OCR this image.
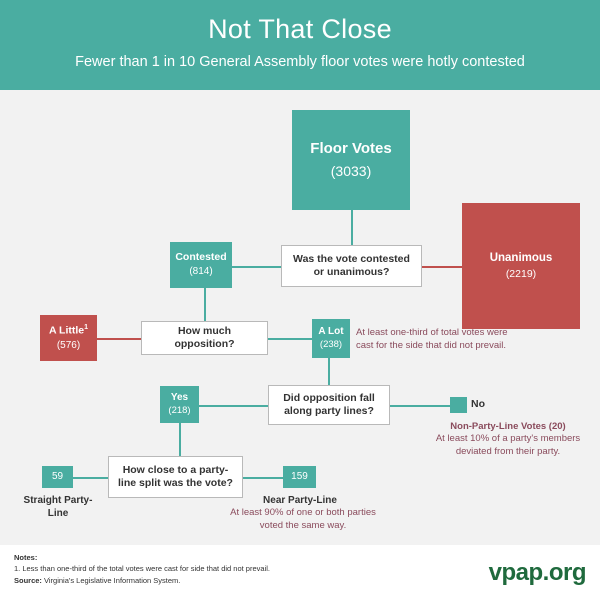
Not That Close
Fewer than 1 in 10 General Assembly floor votes were hotly contested
Floor Votes
(3033)
Was the vote contested or unanimous?
Contested
(814)
Unanimous
(2219)
How much opposition?
A Little$^1$
(576)
A Lot
(238)
At least one-third of total votes were cast for the side that did not prevail.
Did opposition fall along party lines?
Yes
(218)
No
Non-Party-Line Votes (20)
At least 10% of a party's members deviated from their party.
How close to a party-line split was the vote?
59
Straight Party-Line
159
Near Party-Line
At least 90% of one or both parties voted the same way.
Notes:
1. Less than one-third of the total votes were cast for side that did not prevail.
Source: Virginia's Legislative Information System.	vpap.org
